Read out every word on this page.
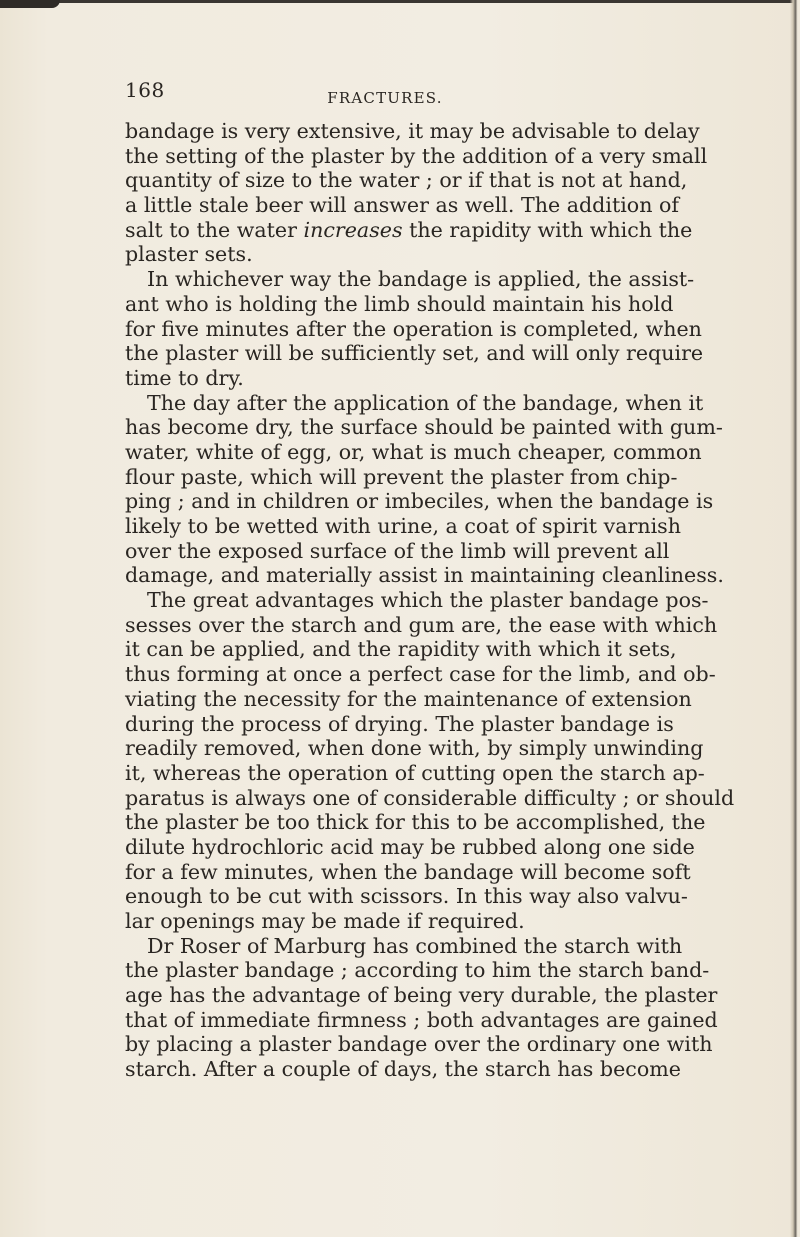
168	FRACTURES.
bandage is very extensive, it may be advisable to delay
the setting of the plaster by the addition of a very small
quantity of size to the water ; or if that is not at hand,
a little stale beer will answer as well. The addition of
salt to the water increases the rapidity with which the
plaster sets.
In whichever way the bandage is applied, the assist-
ant who is holding the limb should maintain his hold
for five minutes after the operation is completed, when
the plaster will be sufficiently set, and will only require
time to dry.
The day after the application of the bandage, when it
has become dry, the surface should be painted with gum-
water, white of egg, or, what is much cheaper, common
flour paste, which will prevent the plaster from chip-
ping ; and in children or imbeciles, when the bandage is
likely to be wetted with urine, a coat of spirit varnish
over the exposed surface of the limb will prevent all
damage, and materially assist in maintaining cleanliness.
The great advantages which the plaster bandage pos-
sesses over the starch and gum are, the ease with which
it can be applied, and the rapidity with which it sets,
thus forming at once a perfect case for the limb, and ob-
viating the necessity for the maintenance of extension
during the process of drying. The plaster bandage is
readily removed, when done with, by simply unwinding
it, whereas the operation of cutting open the starch ap-
paratus is always one of considerable difficulty ; or should
the plaster be too thick for this to be accomplished, the
dilute hydrochloric acid may be rubbed along one side
for a few minutes, when the bandage will become soft
enough to be cut with scissors. In this way also valvu-
lar openings may be made if required.
Dr Roser of Marburg has combined the starch with
the plaster bandage ; according to him the starch band-
age has the advantage of being very durable, the plaster
that of immediate firmness ; both advantages are gained
by placing a plaster bandage over the ordinary one with
starch. After a couple of days, the starch has become
